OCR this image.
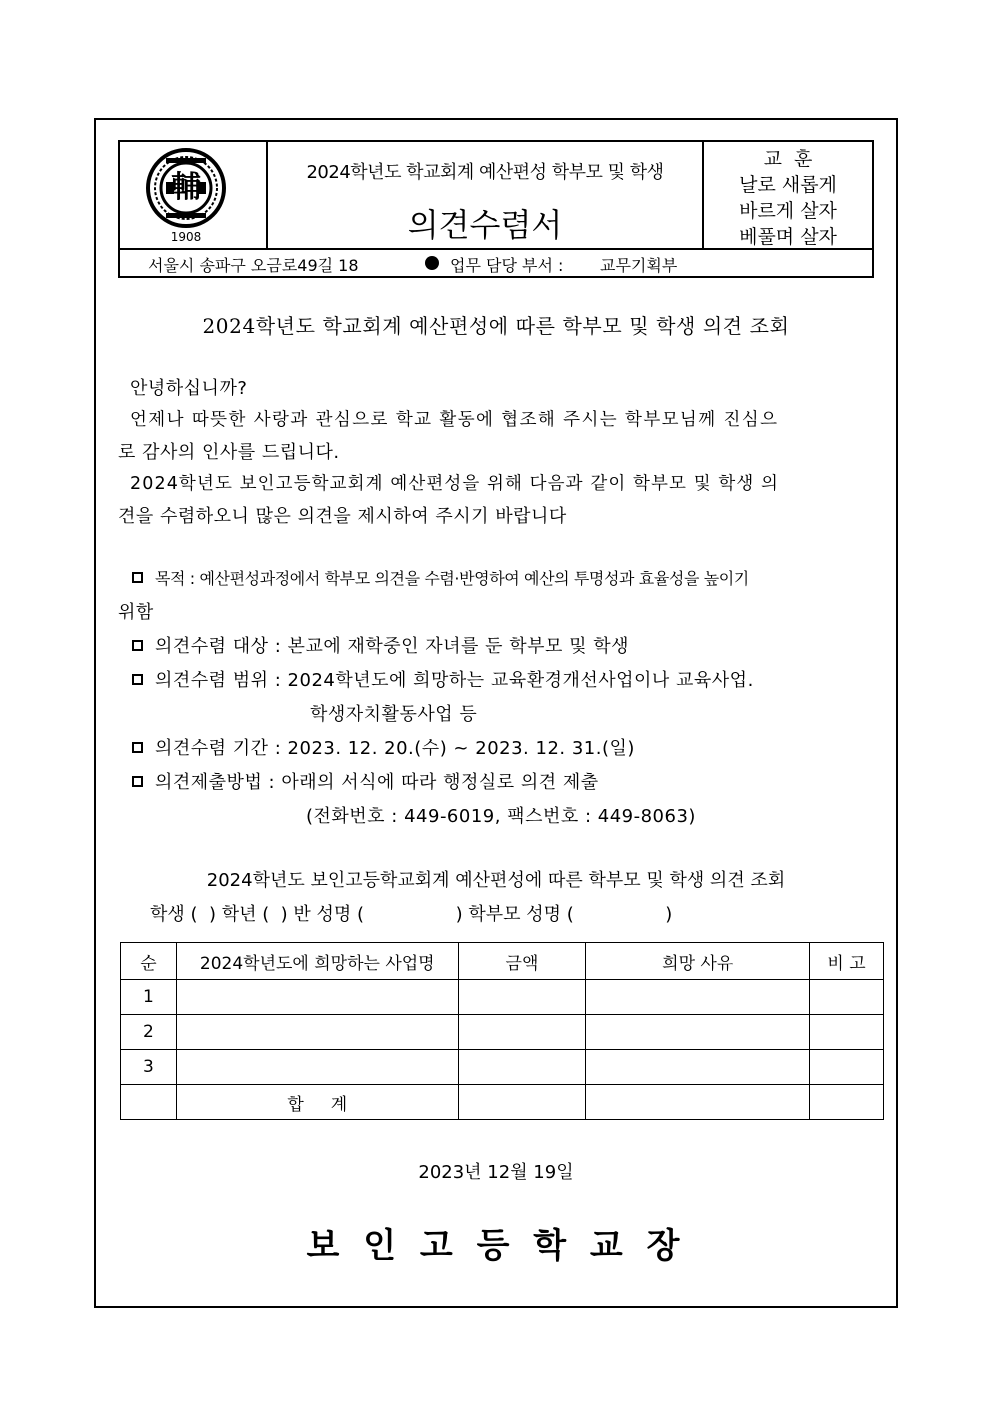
輔
1908
2024학년도 학교회계 예산편성 학부모 및 학생
의견수렴서
교  훈
날로 새롭게
바르게 살자
베풀며 살자
서울시 송파구 오금로49길 18	업무 담당 부서 : 교무기획부
2024학년도 학교회계 예산편성에 따른 학부모 및 학생 의견 조회
안녕하십니까?
언제나 따뜻한 사랑과 관심으로 학교 활동에 협조해 주시는 학부모님께 진심으
로 감사의 인사를 드립니다.
2024학년도 보인고등학교회계 예산편성을 위해 다음과 같이 학부모 및 학생 의
견을 수렴하오니 많은 의견을 제시하여 주시기 바랍니다
목적 : 예산편성과정에서 학부모 의견을 수렴·반영하여 예산의 투명성과 효율성을 높이기
위함
의견수렴 대상 : 본교에 재학중인 자녀를 둔 학부모 및 학생
의견수렴 범위 : 2024학년도에 희망하는 교육환경개선사업이나 교육사업.
학생자치활동사업 등
의견수렴 기간 : 2023. 12. 20.(수) ~ 2023. 12. 31.(일)
의견제출방법 : 아래의 서식에 따라 행정실로 의견 제출
(전화번호 : 449-6019, 팩스번호 : 449-8063)
2024학년도 보인고등학교회계 예산편성에 따른 학부모 및 학생 의견 조회
학생 (  ) 학년 (  ) 반 성명 (                ) 학부모 성명 (                )
순	2024학년도에 희망하는 사업명	금액	희망 사유	비 고
1				
2				
3				
	합     계			
2023년 12월 19일
보 인 고 등 학 교 장
